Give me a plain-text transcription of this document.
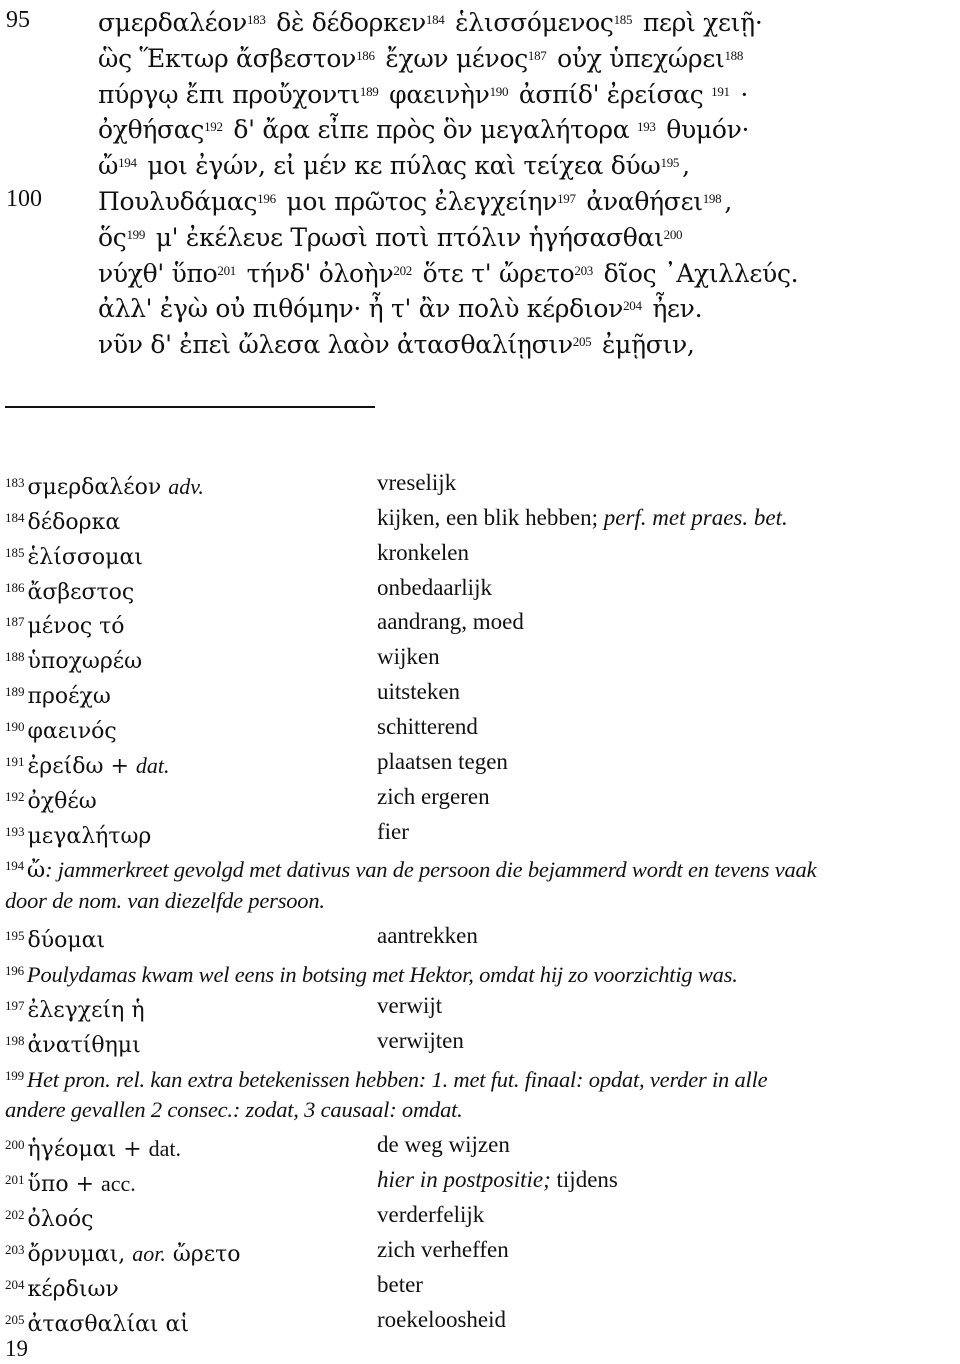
95	σμερδαλέον$^{183}$ δὲ δέδορκεν$^{184}$ ἑλισσόμενος$^{185}$ περὶ χειῇ·
ὣς Ἕκτωρ ἄσβεστον$^{186}$ ἔχων μένος$^{187}$ οὐχ ὑπεχώρει$^{188}$
πύργῳ ἔπι προὔχοντι$^{189}$ φαεινὴν$^{190}$ ἀσπίδ' ἐρείσας $^{191}$ ·
ὀχθήσας$^{192}$ δ' ἄρα εἶπε πρὸς ὃν μεγαλήτορα $^{193}$ θυμόν·
ὤ$^{194}$ μοι ἐγών, εἰ μέν κε πύλας καὶ τείχεα δύω$^{195}$ ,
100 Πουλυδάμας$^{196}$ μοι πρῶτος ἐλεγχείην$^{197}$ ἀναθήσει$^{198}$ ,
ὅς$^{199}$ μ' ἐκέλευε Τρωσὶ ποτὶ πτόλιν ἡγήσασθαι$^{200}$
νύχθ' ὕπο$^{201}$ τήνδ' ὀλοὴν$^{202}$ ὅτε τ' ὤρετο$^{203}$ δῖος ᾽Αχιλλεύς.
ἀλλ' ἐγὼ οὐ πιθόμην· ἦ τ' ἂν πολὺ κέρδιον$^{204}$ ἦεν.
νῦν δ' ἐπεὶ ὤλεσα λαὸν ἀτασθαλίῃσιν$^{205}$ ἐμῇσιν,
$^{183}$ σμερδαλέον adv.	vreselijk
$^{184}$ δέδορκα	kijken, een blik hebben; perf. met praes. bet.
$^{185}$ ἑλίσσομαι	kronkelen
$^{186}$ ἄσβεστος	onbedaarlijk
$^{187}$ μένος τό	aandrang, moed
$^{188}$ ὑποχωρέω	wijken
$^{189}$ προέχω	uitsteken
$^{190}$ φαεινός	schitterend
$^{191}$ ἐρείδω + dat.	plaatsen tegen
$^{192}$ ὀχθέω	zich ergeren
$^{193}$ μεγαλήτωρ	fier
$^{194}$ ὤ: jammerkreet gevolgd met dativus van de persoon die bejammerd wordt en tevens vaak
door de nom. van diezelfde persoon.
$^{195}$ δύομαι	aantrekken
$^{196}$ Poulydamas kwam wel eens in botsing met Hektor, omdat hij zo voorzichtig was.
$^{197}$ ἐλεγχείη ἡ	verwijt
$^{198}$ ἀνατίθημι	verwijten
$^{199}$ Het pron. rel. kan extra betekenissen hebben: 1. met fut. finaal: opdat, verder in alle
andere gevallen 2 consec.: zodat, 3 causaal: omdat.
$^{200}$ ἡγέομαι + dat.	de weg wijzen
$^{201}$ ὕπο + acc.	hier in postpositie; tijdens
$^{202}$ ὀλοός	verderfelijk
$^{203}$ ὄρνυμαι, aor. ὤρετο	zich verheffen
$^{204}$ κέρδιων	beter
$^{205}$ ἀτασθαλίαι αἱ	roekeloosheid
19
